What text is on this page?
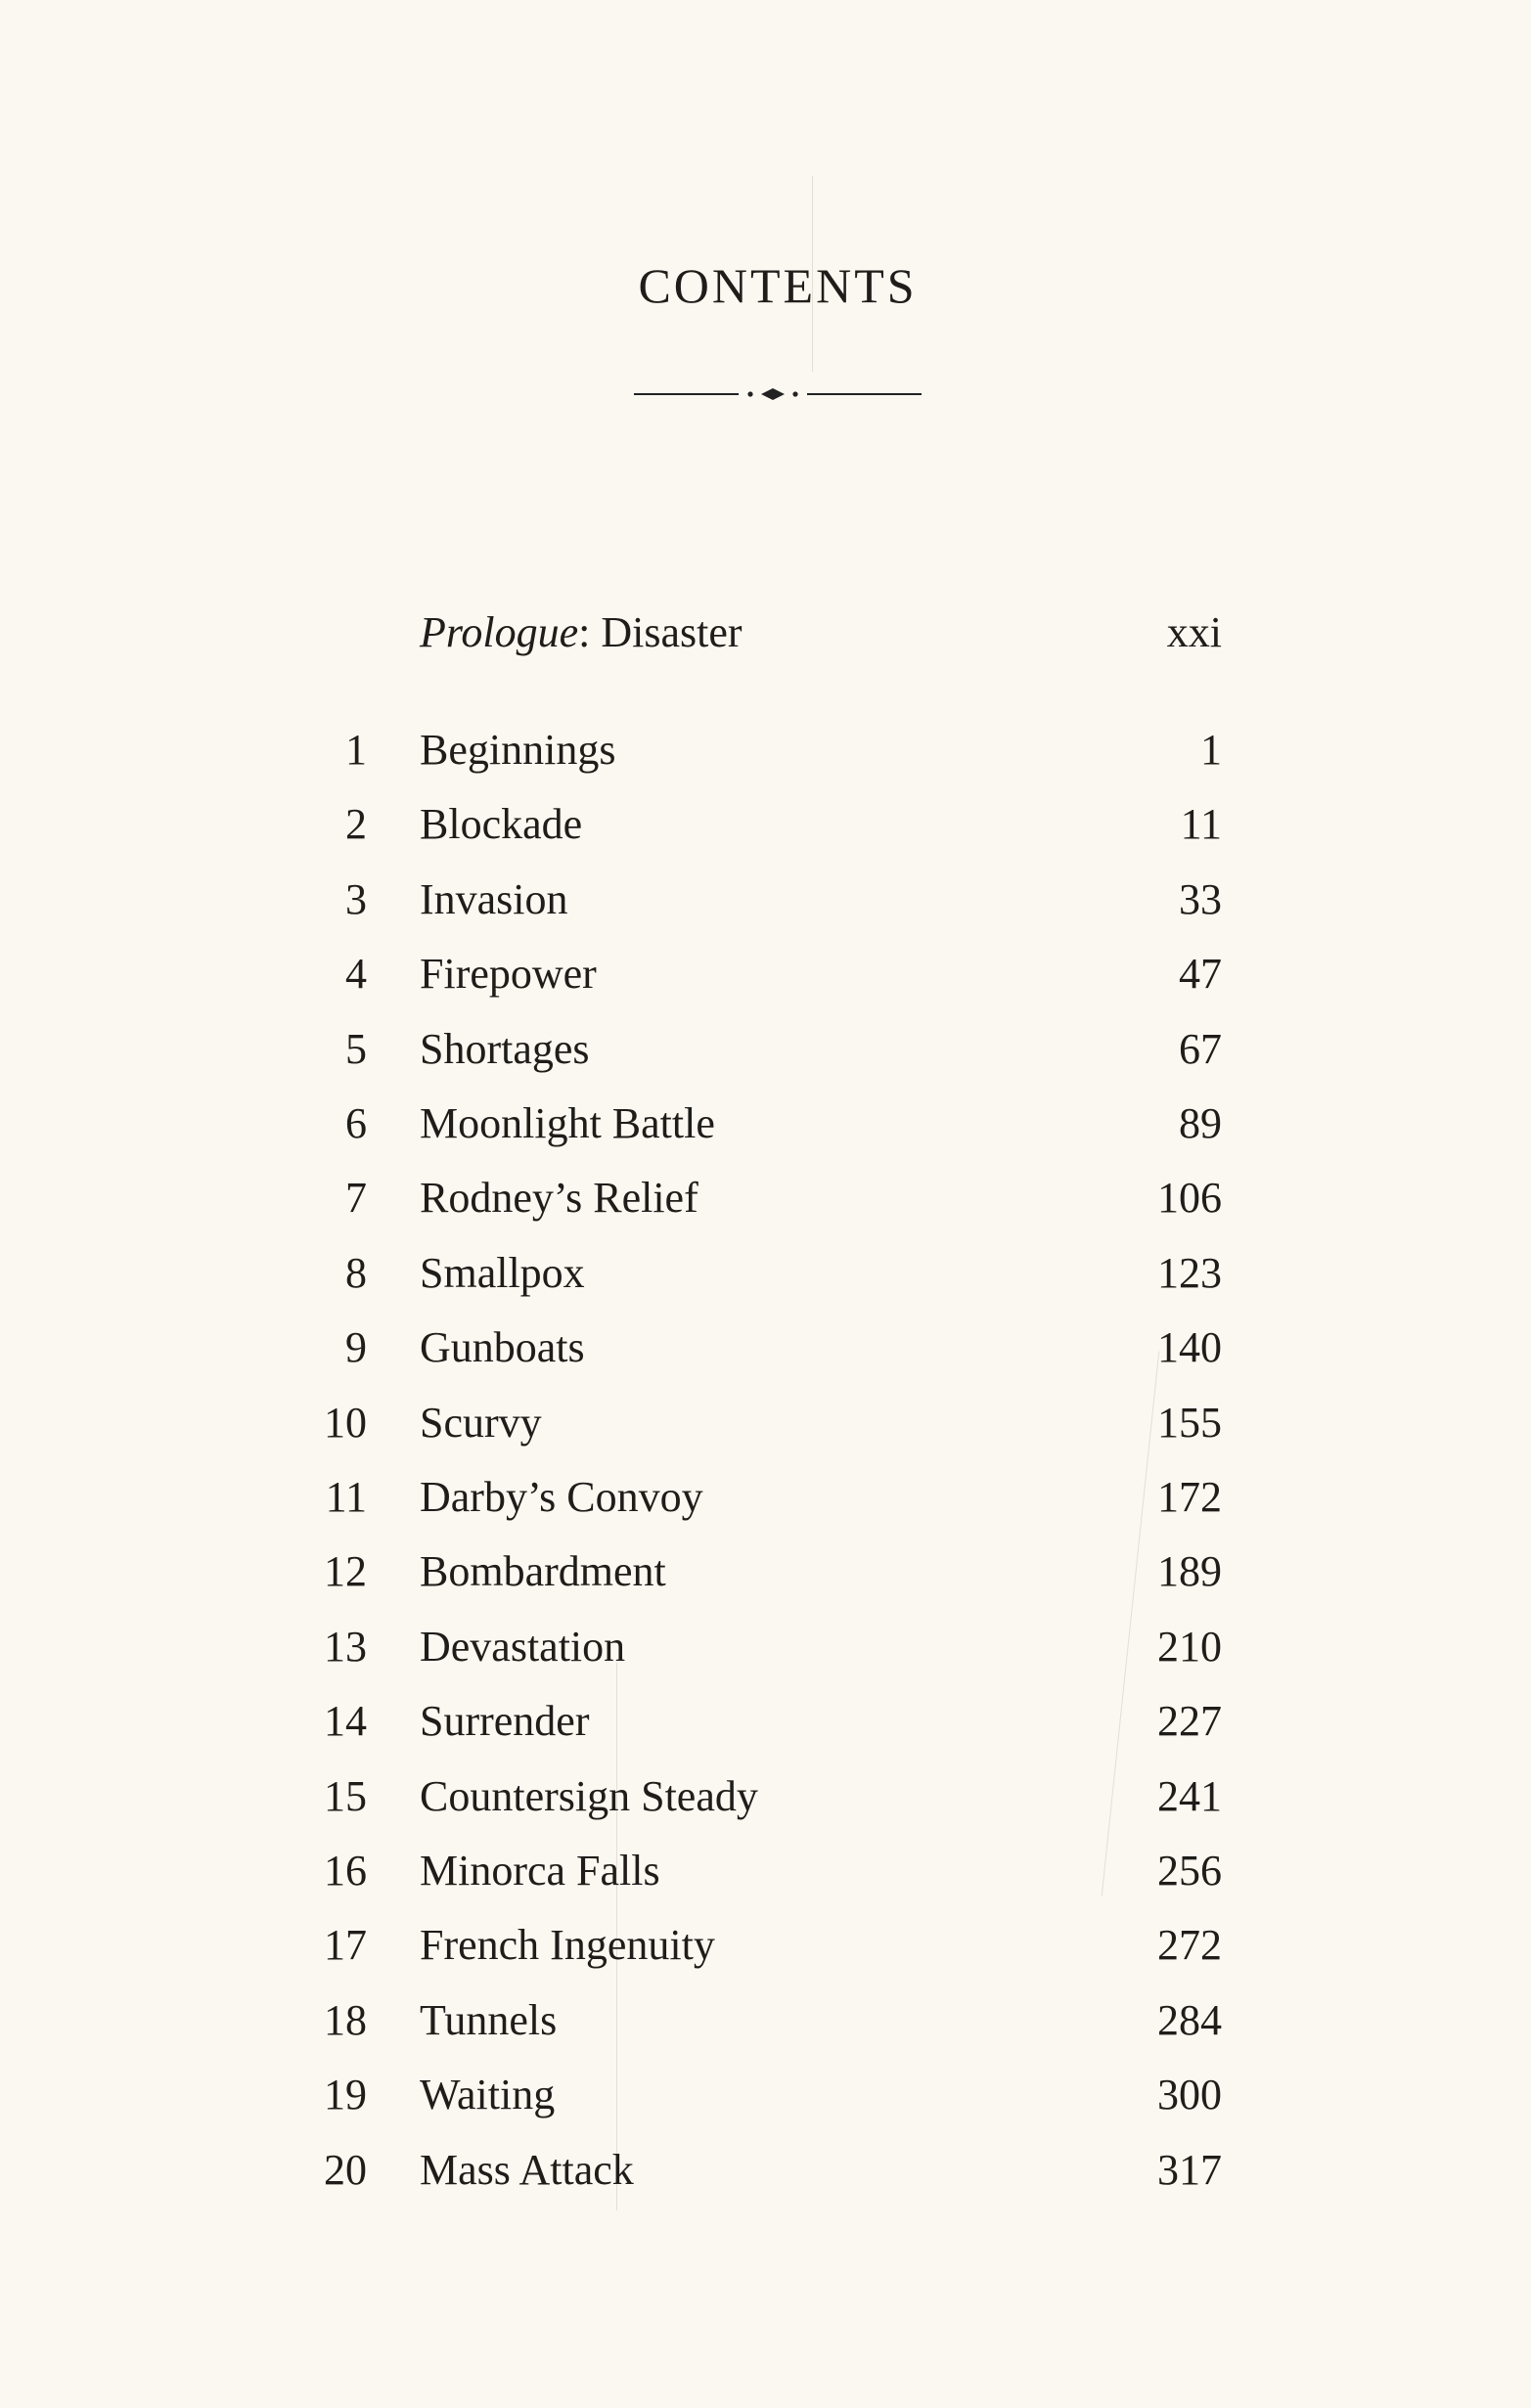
CONTENTS
Prologue: Disaster	xxi
1 Beginnings	1
2 Blockade	11
3 Invasion	33
4 Firepower	47
5 Shortages	67
6 Moonlight Battle	89
7 Rodney’s Relief	106
8 Smallpox	123
9 Gunboats	140
10 Scurvy	155
11 Darby’s Convoy	172
12 Bombardment	189
13 Devastation	210
14 Surrender	227
15 Countersign Steady	241
16 Minorca Falls	256
17 French Ingenuity	272
18 Tunnels	284
19 Waiting	300
20 Mass Attack	317
